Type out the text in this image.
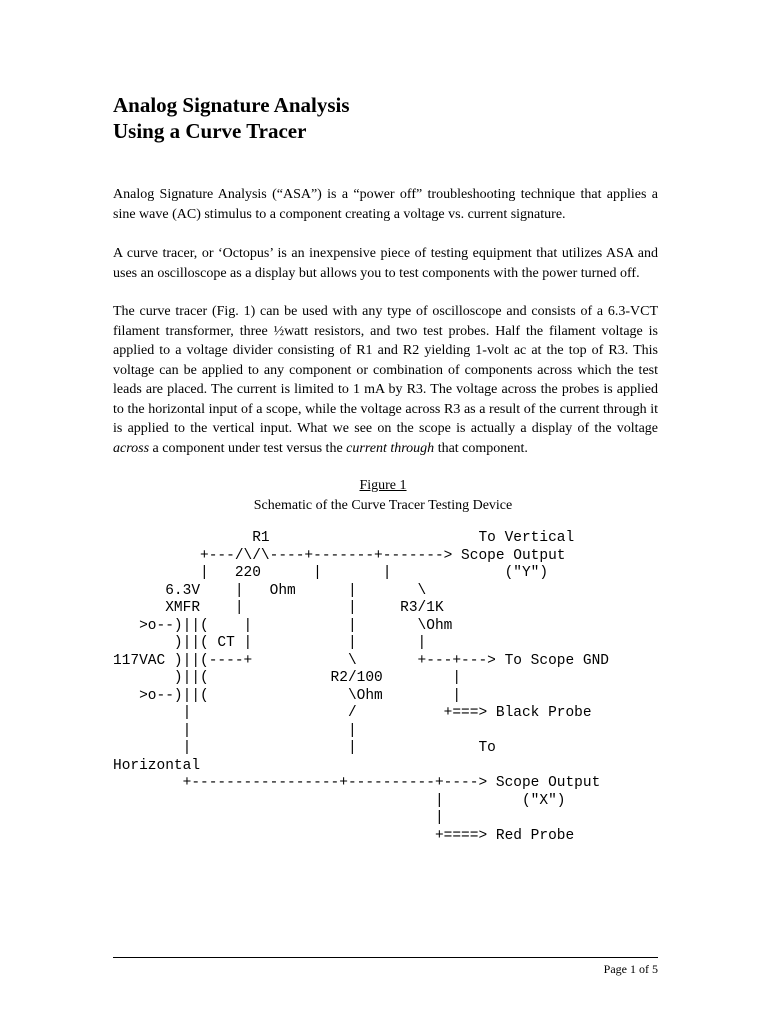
Analog Signature Analysis
Using a Curve Tracer

Analog Signature Analysis (“ASA”) is a “power off” troubleshooting technique that applies a sine wave (AC) stimulus to a component creating a voltage vs. current signature.

A curve tracer, or ‘Octopus’ is an inexpensive piece of testing equipment that utilizes ASA and uses an oscilloscope as a display but allows you to test components with the power turned off.

The curve tracer (Fig. 1) can be used with any type of oscilloscope and consists of a 6.3-VCT filament transformer, three ½watt resistors, and two test probes. Half the filament voltage is applied to a voltage divider consisting of R1 and R2 yielding 1-volt ac at the top of R3. This voltage can be applied to any component or combination of components across which the test leads are placed. The current is limited to 1 mA by R3. The voltage across the probes is applied to the horizontal input of a scope, while the voltage across R3 as a result of the current through it is applied to the vertical input. What we see on the scope is actually a display of the voltage across a component under test versus the current through that component.

Figure 1
Schematic of the Curve Tracer Testing Device
R1                        To Vertical
+---/\/\----+-------+-------> Scope Output
|   220      |       |             ("Y")
6.3V    |   Ohm      |       \
XMFR    |            |     R3/1K
>o--)||(    |           |       \Ohm
)||( CT |           |       |
117VAC )||(----+           \       +---+---> To Scope GND
)||(              R2/100        |
>o--)||(                \Ohm        |
|                  /          +===> Black Probe
|                  |
|                  |              To
Horizontal
+-----------------+----------+----> Scope Output
|         ("X")
|
+====> Red Probe
Page 1 of 5
